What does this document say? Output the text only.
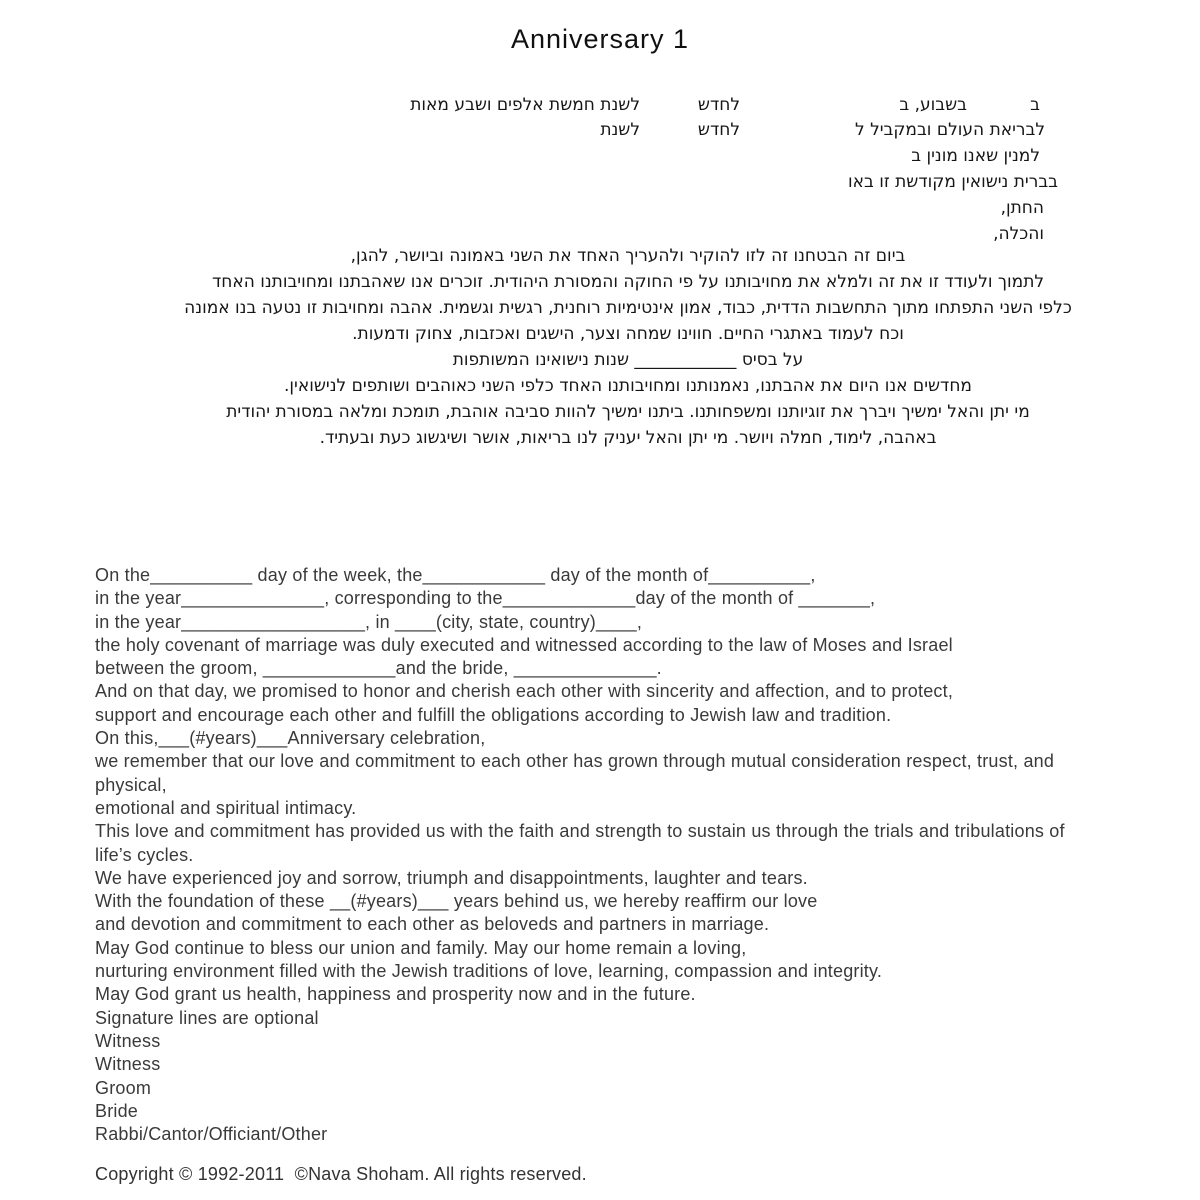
Anniversary 1
ב
בשבוע, ב
לחדש
לשנת חמשת אלפים ושבע מאות
לבריאת העולם ובמקביל ל
לחדש
לשנת
למנין שאנו מונין ב
בברית נישואין מקודשת זו באו
החתן,
והכלה,
ביום זה הבטחנו זה לזו להוקיר ולהעריך האחד את השני באמונה וביושר, להגן,
לתמוך ולעודד זו את זה ולמלא את מחויבותנו על פי החוקה והמסורת היהודית. זוכרים אנו שאהבתנו ומחויבותנו האחד
כלפי השני התפתחו מתוך התחשבות הדדית, כבוד, אמון אינטימיות רוחנית, רגשית וגשמית. אהבה ומחויבות זו נטעה בנו אמונה
וכח לעמוד באתגרי החיים. חווינו שמחה וצער, הישגים ואכזבות, צחוק ודמעות.
על בסיס ____________ שנות נישואינו המשותפות
מחדשים אנו היום את אהבתנו, נאמנותנו ומחויבותנו האחד כלפי השני כאוהבים ושותפים לנישואין.
מי יתן והאל ימשיך ויברך את זוגיותנו ומשפחותנו. ביתנו ימשיך להוות סביבה אוהבת, תומכת ומלאה במסורת יהודית
באהבה, לימוד, חמלה ויושר. מי יתן והאל יעניק לנו בריאות, אושר ושיגשוג כעת ובעתיד.
On the__________ day of the week, the____________ day of the month of__________,
in the year______________, corresponding to the_____________day of the month of _______,
in the year__________________, in ____(city, state, country)____,
the holy covenant of marriage was duly executed and witnessed according to the law of Moses and Israel
between the groom, _____________and the bride, ______________.
And on that day, we promised to honor and cherish each other with sincerity and affection, and to protect,
support and encourage each other and fulfill the obligations according to Jewish law and tradition.
On this,___(#years)___Anniversary celebration,
we remember that our love and commitment to each other has grown through mutual consideration respect, trust, and
physical,
emotional and spiritual intimacy.
This love and commitment has provided us with the faith and strength to sustain us through the trials and tribulations of
life’s cycles.
We have experienced joy and sorrow, triumph and disappointments, laughter and tears.
With the foundation of these __(#years)___ years behind us, we hereby reaffirm our love
and devotion and commitment to each other as beloveds and partners in marriage.
May God continue to bless our union and family. May our home remain a loving,
nurturing environment filled with the Jewish traditions of love, learning, compassion and integrity.
May God grant us health, happiness and prosperity now and in the future.
Signature lines are optional
Witness
Witness
Groom
Bride
Rabbi/Cantor/Officiant/Other
Copyright © 1992-2011  ©Nava Shoham. All rights reserved.
